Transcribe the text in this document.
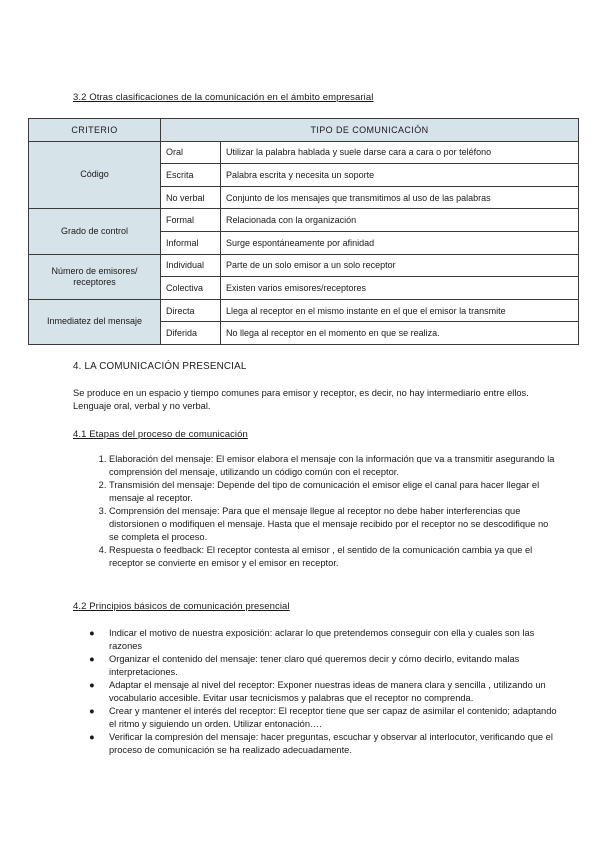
3.2 Otras clasificaciones de la comunicación en el ámbito empresarial
CRITERIO	TIPO DE COMUNICACIÓN	
Código	Oral	Utilizar la palabra hablada y suele darse cara a cara o por teléfono
	Escrita	Palabra escrita y necesita un soporte
	No verbal	Conjunto de los mensajes que transmitimos al uso de las palabras
Grado de control	Formal	Relacionada con la organización
	Informal	Surge espontáneamente por afinidad
Número de emisores/ receptores	Individual	Parte de un solo emisor a un solo receptor
	Colectiva	Existen varios emisores/receptores
Inmediatez del mensaje	Directa	Llega al receptor en el mismo instante en el que el emisor la transmite
	Diferida	No llega al receptor en el momento en que se realiza.
4. LA COMUNICACIÓN PRESENCIAL
Se produce en un espacio y tiempo comunes para emisor y receptor, es decir, no hay intermediario entre ellos. Lenguaje oral, verbal y no verbal.
4.1 Etapas del proceso de comunicación
1. Elaboración del mensaje: El emisor elabora el mensaje con la información que va a transmitir asegurando la comprensión del mensaje, utilizando un código común con el receptor.
2. Transmisión del mensaje: Depende del tipo de comunicación el emisor elige el canal para hacer llegar el mensaje al receptor.
3. Comprensión del mensaje: Para que el mensaje llegue al receptor no debe haber interferencias que distorsionen o modifiquen el mensaje. Hasta que el mensaje recibido por el receptor no se descodifique no se completa el proceso.
4. Respuesta o feedback: El receptor contesta al emisor , el sentido de la comunicación cambia ya que el receptor se convierte en emisor y el emisor en receptor.
4.2 Principios básicos de comunicación presencial
● Indicar el motivo de nuestra exposición: aclarar lo que pretendemos conseguir con ella y cuales son las razones
● Organizar el contenido del mensaje: tener claro qué queremos decir y cómo decirlo, evitando malas interpretaciones.
● Adaptar el mensaje al nivel del receptor: Exponer nuestras ideas de manera clara y sencilla , utilizando un vocabulario accesible. Evitar usar tecnicismos y palabras que el receptor no comprenda.
● Crear y mantener el interés del receptor: El receptor tiene que ser capaz de asimilar el contenido; adaptando el ritmo y siguiendo un orden. Utilizar entonación….
● Verificar la compresión del mensaje: hacer preguntas, escuchar y observar al interlocutor, verificando que el proceso de comunicación se ha realizado adecuadamente.
